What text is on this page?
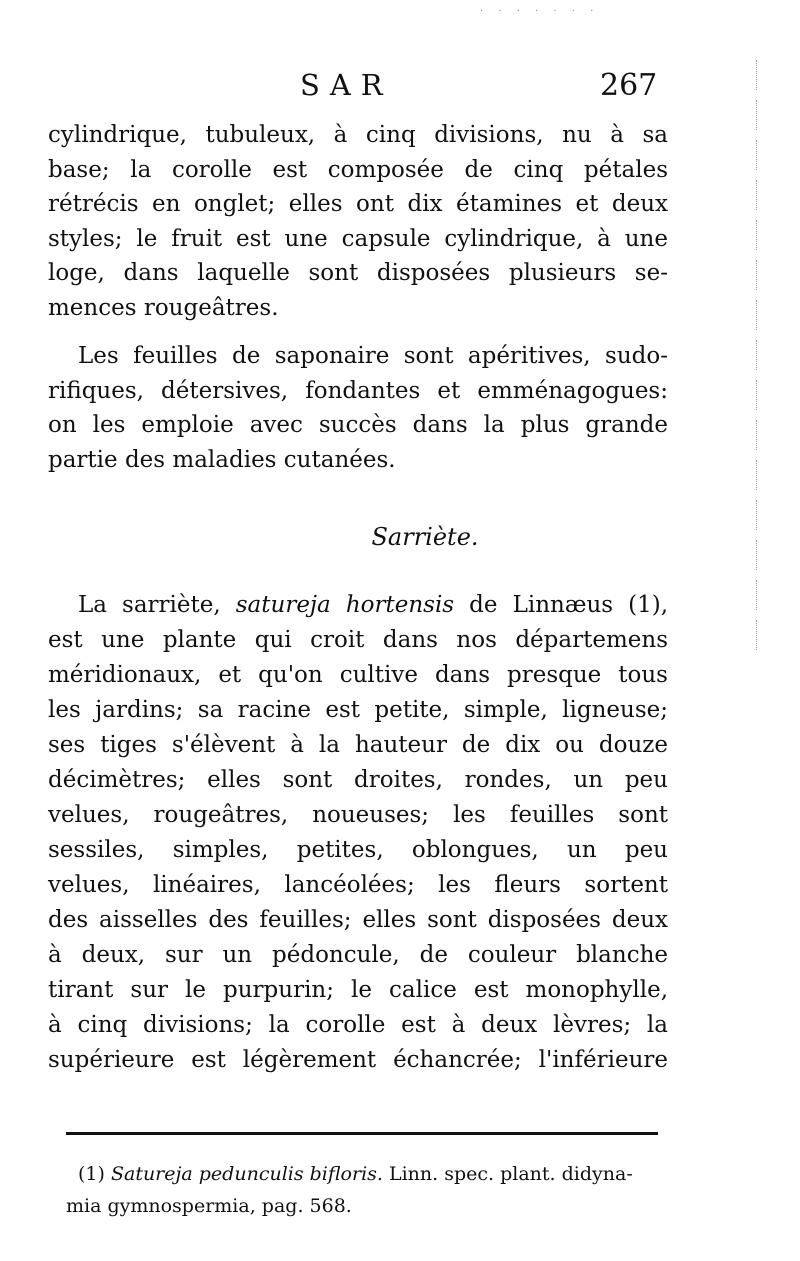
· · · · · · ·
SAR	267
cylindrique, tubuleux, à cinq divisions, nu à sa
base; la corolle est composée de cinq pétales
rétrécis en onglet; elles ont dix étamines et deux
styles; le fruit est une capsule cylindrique, à une
loge, dans laquelle sont disposées plusieurs se-
mences rougeâtres.
Les feuilles de saponaire sont apéritives, sudo-
rifiques, détersives, fondantes et emménagogues:
on les emploie avec succès dans la plus grande
partie des maladies cutanées.
Sarriète.
La sarriète, satureja hortensis de Linnæus (1),
est une plante qui croit dans nos départemens
méridionaux, et qu'on cultive dans presque tous
les jardins; sa racine est petite, simple, ligneuse;
ses tiges s'élèvent à la hauteur de dix ou douze
décimètres; elles sont droites, rondes, un peu
velues, rougeâtres, noueuses; les feuilles sont
sessiles, simples, petites, oblongues, un peu
velues, linéaires, lancéolées; les fleurs sortent
des aisselles des feuilles; elles sont disposées deux
à deux, sur un pédoncule, de couleur blanche
tirant sur le purpurin; le calice est monophylle,
à cinq divisions; la corolle est à deux lèvres; la
supérieure est légèrement échancrée; l'inférieure
(1) Satureja pedunculis bifloris. Linn. spec. plant. didyna-
mia gymnospermia, pag. 568.
